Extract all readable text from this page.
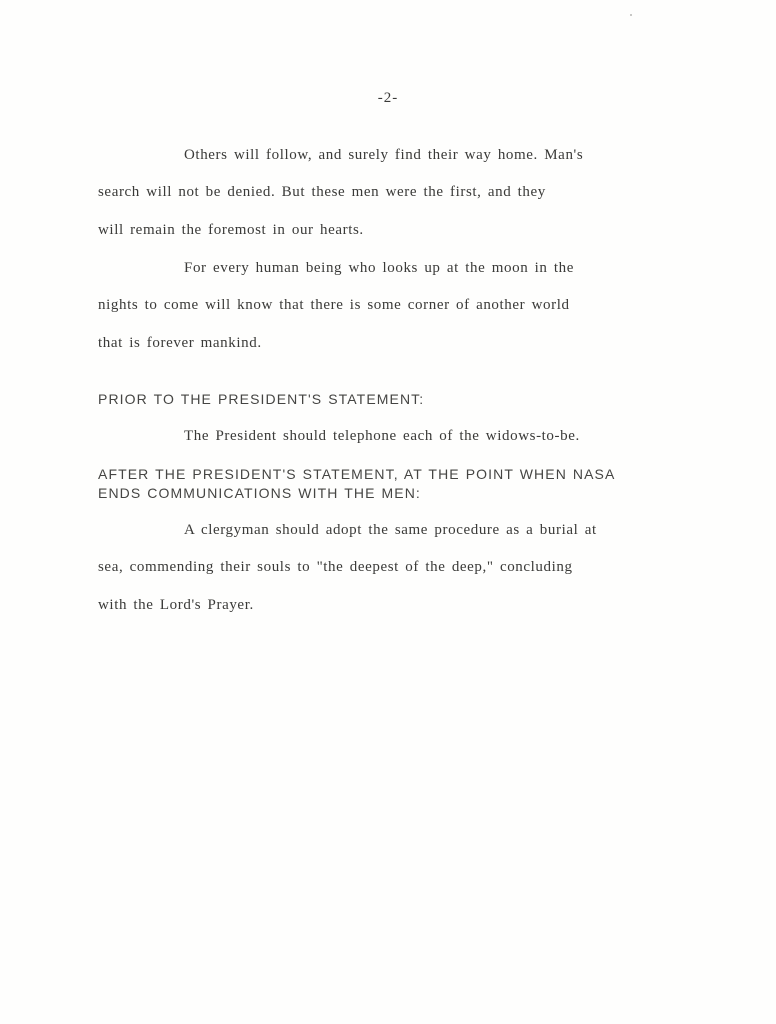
-2-
Others will follow, and surely find their way home. Man's
search will not be denied. But these men were the first, and they
will remain the foremost in our hearts.
For every human being who looks up at the moon in the
nights to come will know that there is some corner of another world
that is forever mankind.
PRIOR TO THE PRESIDENT'S STATEMENT:
The President should telephone each of the widows-to-be.
AFTER THE PRESIDENT'S STATEMENT, AT THE POINT WHEN NASA
ENDS COMMUNICATIONS WITH THE MEN:
A clergyman should adopt the same procedure as a burial at
sea, commending their souls to "the deepest of the deep," concluding
with the Lord's Prayer.
